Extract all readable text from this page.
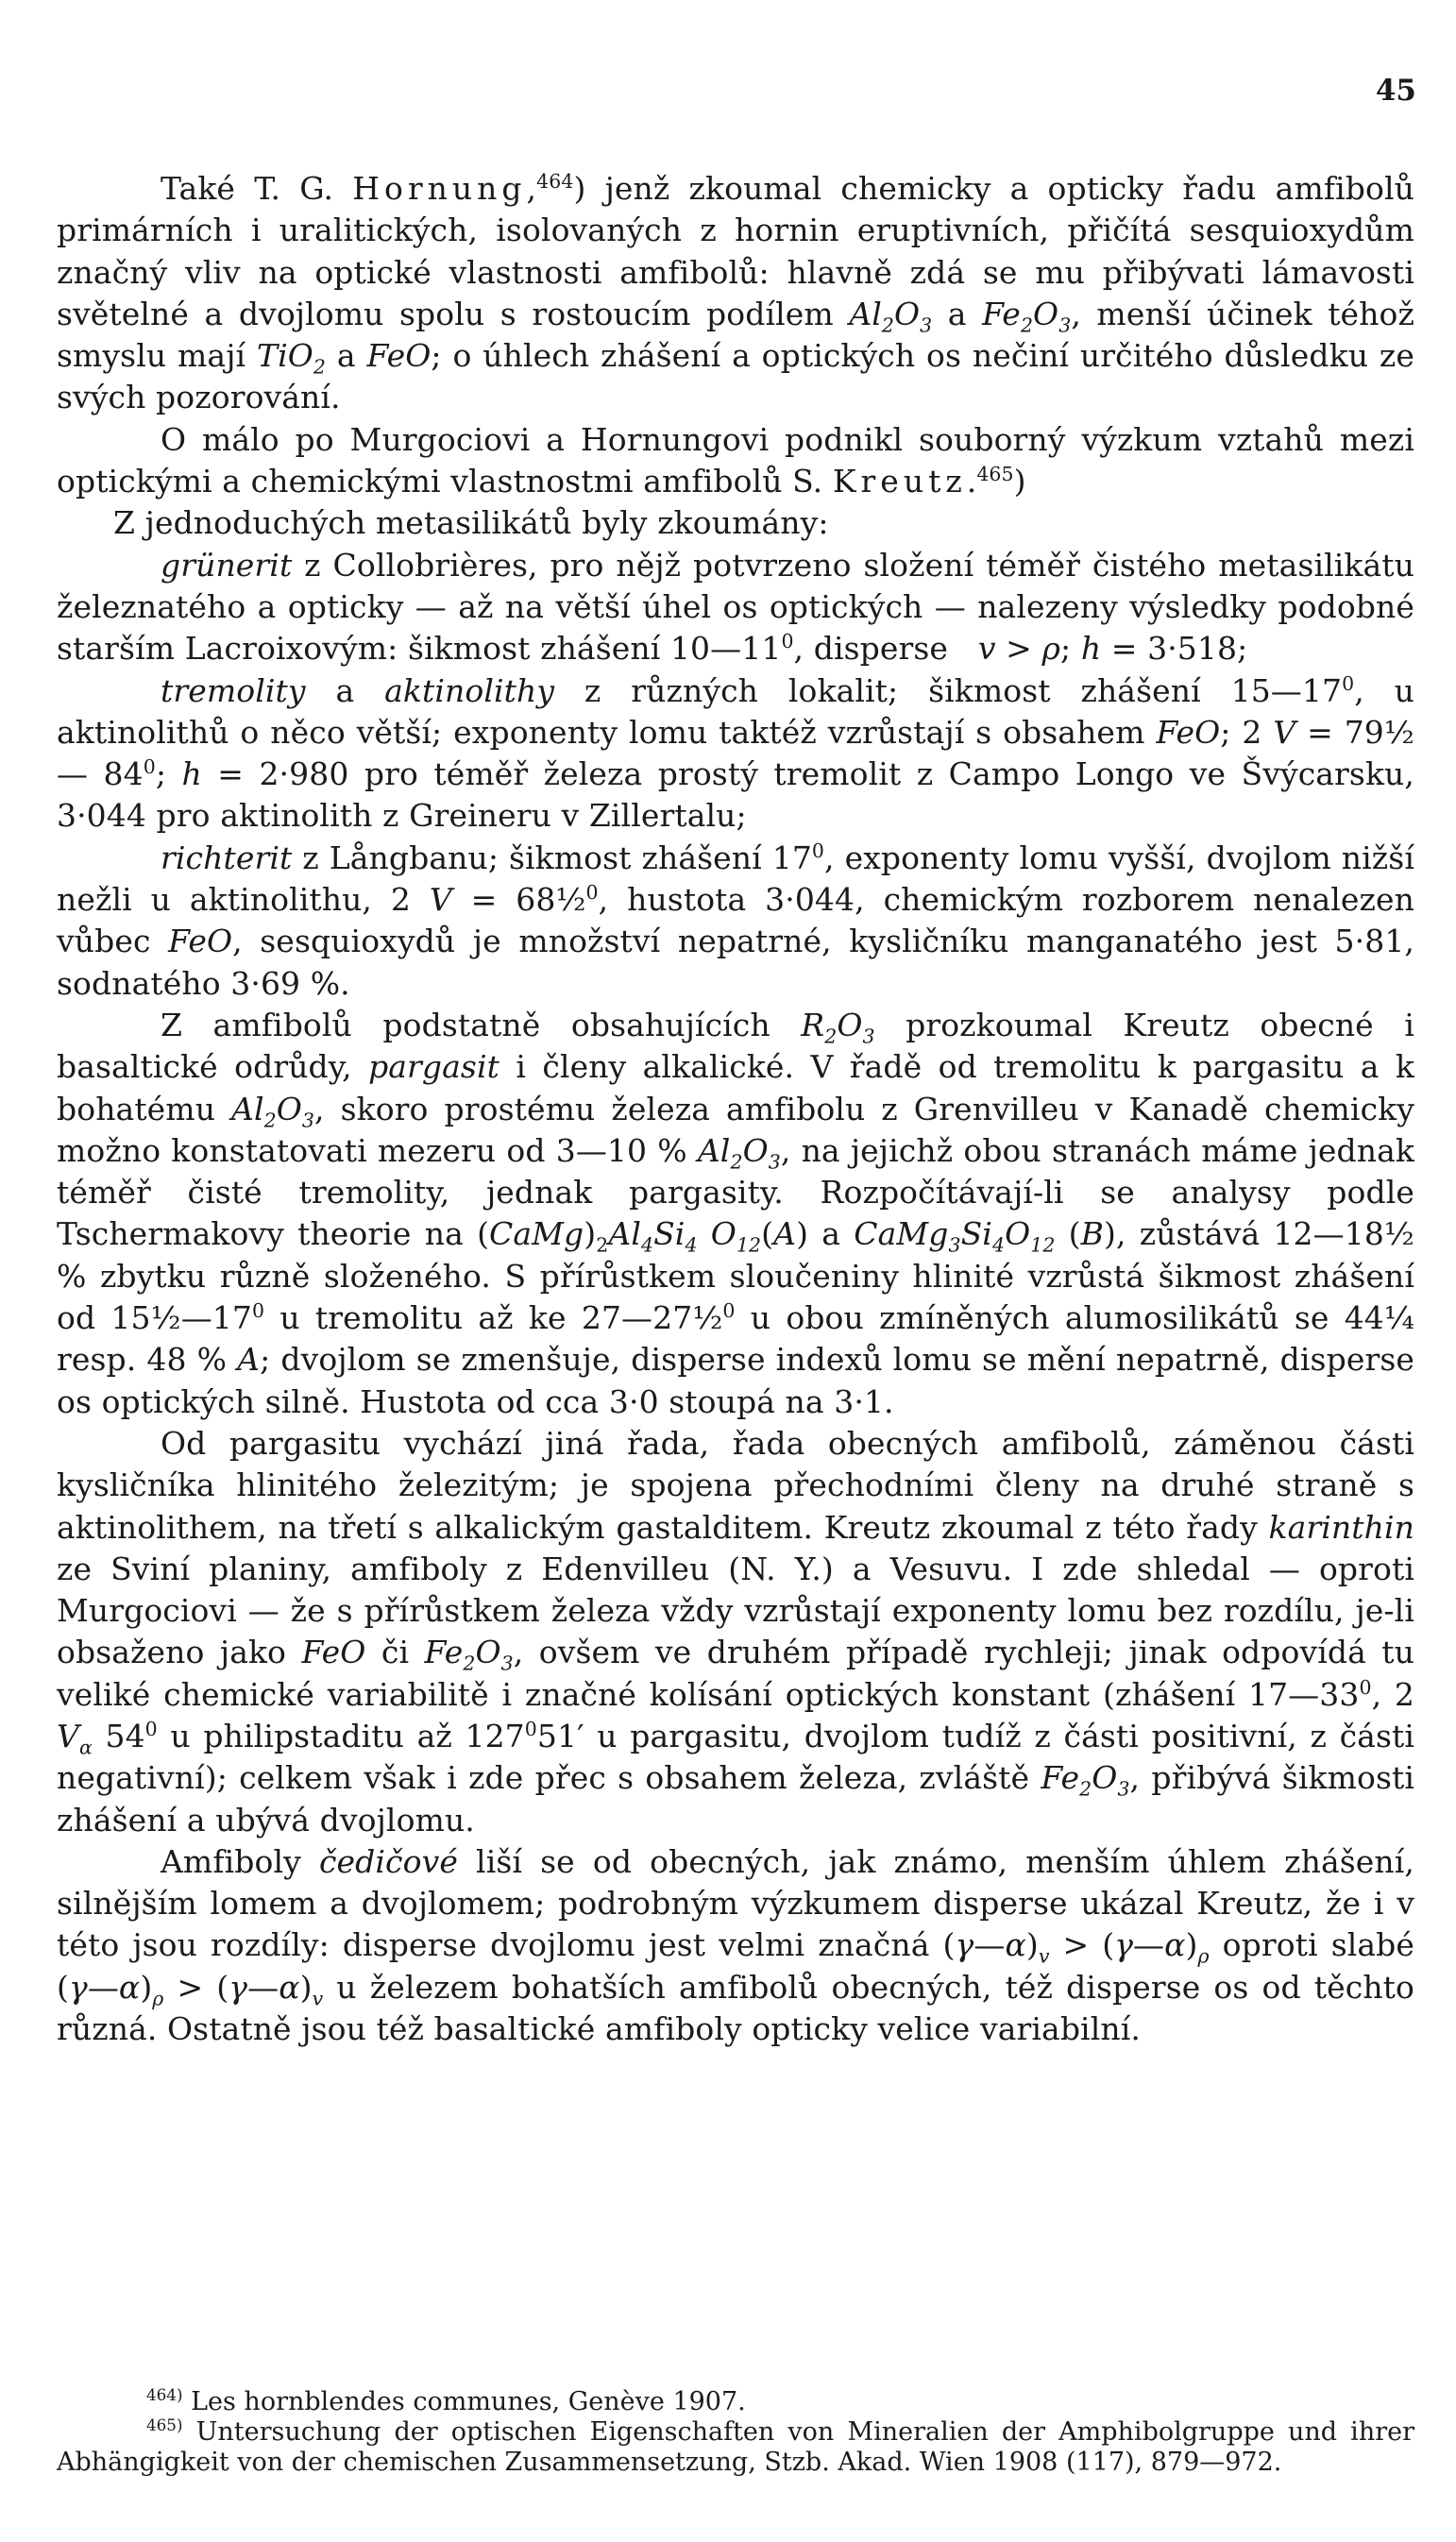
45

Také T. G. Hornung,$^{464}$) jenž zkoumal chemicky a opticky řadu amfibolů primárních i uralitických, isolovaných z hornin eruptivních, přičítá sesquioxydům značný vliv na optické vlastnosti amfibolů: hlavně zdá se mu přibývati lámavosti světelné a dvojlomu spolu s rostoucím podílem $Al_2O_3$ a $Fe_2O_3$, menší účinek téhož smyslu mají TiO$_2$ a FeO; o úhlech zhášení a optických os nečiní určitého důsledku ze svých pozorování.

O málo po Murgociovi a Hornungovi podnikl souborný výzkum vztahů mezi optickými a chemickými vlastnostmi amfibolů S. Kreutz.$^{465}$)

Z jednoduchých metasilikátů byly zkoumány:

grünerit z Collobrières, pro nějž potvrzeno složení téměř čistého metasilikátu železnatého a opticky — až na větší úhel os optických — nalezeny výsledky podobné starším Lacroixovým: šikmost zhášení $10—11^0$, disperse   v > ρ; h = 3·518;

tremolity a aktinolithy z různých lokalit; šikmost zhášení $15—17^0$, u aktinolithů o něco větší; exponenty lomu taktéž vzrůstají s obsahem FeO; 2 V = 79½ — $84^0$; h = 2·980 pro téměř železa prostý tremolit z Campo Longo ve Švýcarsku, 3·044 pro aktinolith z Greineru v Zillertalu;

richterit z Långbanu; šikmost zhášení $17^0$, exponenty lomu vyšší, dvojlom nižší nežli u aktinolithu, 2 V = 68½$^0$, hustota 3·044, chemickým rozborem nenalezen vůbec FeO, sesquioxydů je množství nepatrné, kysličníku manganatého jest 5·81, sodnatého 3·69 %.

Z amfibolů podstatně obsahujících $R_2O_3$ prozkoumal Kreutz obecné i basaltické odrůdy, pargasit i členy alkalické. V řadě od tremolitu k pargasitu a k bohatému $Al_2O_3$, skoro prostému železa amfibolu z Grenvilleu v Kanadě chemicky možno konstatovati mezeru od 3—10 % $Al_2O_3$, na jejichž obou stranách máme jednak téměř čisté tremolity, jednak pargasity. Rozpočítávají-li se analysy podle Tschermakovy theorie na $(CaMg)_2Al_4Si_4$ $O_{12}(A)$ a $CaMg_3Si_4O_{12}$ (B), zůstává 12—18½ % zbytku různě složeného. S přírůstkem sloučeniny hlinité vzrůstá šikmost zhášení od $15\frac{1}{2}—17^0$ u tremolitu až ke 27—27½$^0$ u obou zmíněných alumosilikátů se 44¼ resp. 48 % A; dvojlom se zmenšuje, disperse indexů lomu se mění nepatrně, disperse os optických silně. Hustota od cca 3·0 stoupá na 3·1.

Od pargasitu vychází jiná řada, řada obecných amfibolů, záměnou části kysličníka hlinitého železitým; je spojena přechodními členy na druhé straně s aktinolithem, na třetí s alkalickým gastalditem. Kreutz zkoumal z této řady karinthin ze Sviní planiny, amfiboly z Edenvilleu (N. Y.) a Vesuvu. I zde shledal — oproti Murgociovi — že s přírůstkem železa vždy vzrůstají exponenty lomu bez rozdílu, je-li obsaženo jako FeO či $Fe_2O_3$, ovšem ve druhém případě rychleji; jinak odpovídá tu veliké chemické variabilitě i značné kolísání optických konstant (zhášení $17—33^0$, 2 $V_\alpha$ $54^0$ u philipstaditu až $127^051'$ u pargasitu, dvojlom tudíž z části positivní, z části negativní); celkem však i zde přec s obsahem železa, zvláště $Fe_2O_3$, přibývá šikmosti zhášení a ubývá dvojlomu.

Amfiboly čedičové liší se od obecných, jak známo, menším úhlem zhášení, silnějším lomem a dvojlomem; podrobným výzkumem disperse ukázal Kreutz, že i v této jsou rozdíly: disperse dvojlomu jest velmi značná $(\gamma—\alpha)_v$ > $(\gamma—\alpha)_\rho$ oproti slabé $(\gamma—\alpha)_\rho$ > $(\gamma—\alpha)_v$ u železem bohatších amfibolů obecných, též disperse os od těchto různá. Ostatně jsou též basaltické amfiboly opticky velice variabilní.

$^{464)}$ Les hornblendes communes, Genève 1907.

$^{465)}$ Untersuchung der optischen Eigenschaften von Mineralien der Amphibolgruppe und ihrer Abhängigkeit von der chemischen Zusammensetzung, Stzb. Akad. Wien 1908 (117), 879—972.
